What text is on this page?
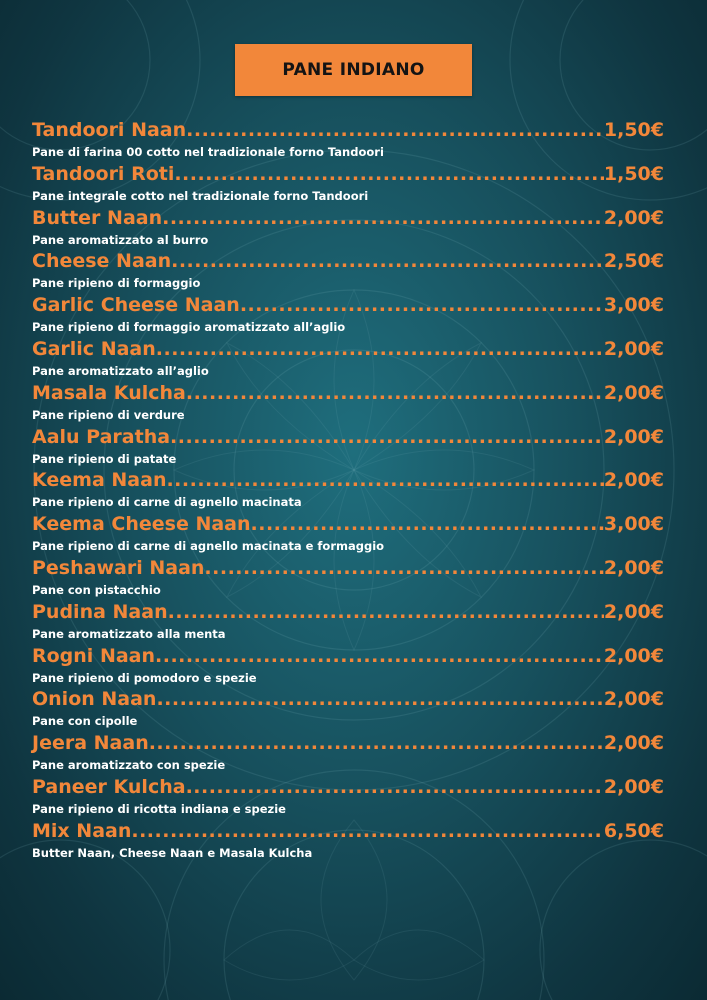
PANE INDIANO
Tandoori Naan .....	1,50€
Pane di farina 00 cotto nel tradizionale forno Tandoori
Tandoori Roti .....	1,50€
Pane integrale cotto nel tradizionale forno Tandoori
Butter Naan .....	2,00€
Pane aromatizzato al burro
Cheese Naan .....	2,50€
Pane ripieno di formaggio
Garlic Cheese Naan .....	3,00€
Pane ripieno di formaggio aromatizzato all’aglio
Garlic Naan .....	2,00€
Pane aromatizzato all’aglio
Masala Kulcha .....	2,00€
Pane ripieno di verdure
Aalu Paratha .....	2,00€
Pane ripieno di patate
Keema Naan .....	2,00€
Pane ripieno di carne di agnello macinata
Keema Cheese Naan .....	3,00€
Pane ripieno di carne di agnello macinata e formaggio
Peshawari Naan .....	2,00€
Pane con pistacchio
Pudina Naan .....	2,00€
Pane aromatizzato alla menta
Rogni Naan .....	2,00€
Pane ripieno di pomodoro e spezie
Onion Naan .....	2,00€
Pane con cipolle
Jeera Naan .....	2,00€
Pane aromatizzato con spezie
Paneer Kulcha .....	2,00€
Pane ripieno di ricotta indiana e spezie
Mix Naan .....	6,50€
Butter Naan, Cheese Naan e Masala Kulcha
